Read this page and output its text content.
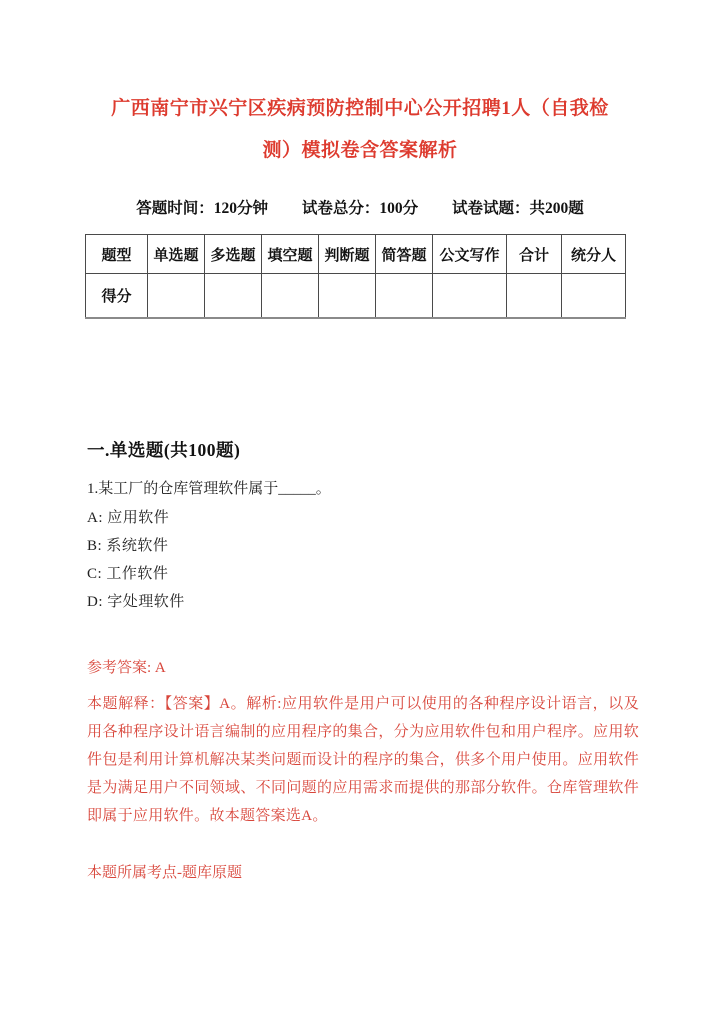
广西南宁市兴宁区疾病预防控制中心公开招聘1人（自我检测）模拟卷含答案解析
答题时间：120分钟 试卷总分：100分 试卷试题：共200题
题型	单选题	多选题	填空题	判断题	简答题	公文写作	合计	统分人
得分								
一.单选题(共100题)

1.某工厂的仓库管理软件属于_____。

A: 应用软件
B: 系统软件
C: 工作软件
D: 字处理软件

参考答案: A

本题解释：【答案】A。解析:应用软件是用户可以使用的各种程序设计语言，以及用各种程序设计语言编制的应用程序的集合，分为应用软件包和用户程序。应用软件包是利用计算机解决某类问题而设计的程序的集合，供多个用户使用。应用软件是为满足用户不同领域、不同问题的应用需求而提供的那部分软件。仓库管理软件即属于应用软件。故本题答案选A。

本题所属考点-题库原题
